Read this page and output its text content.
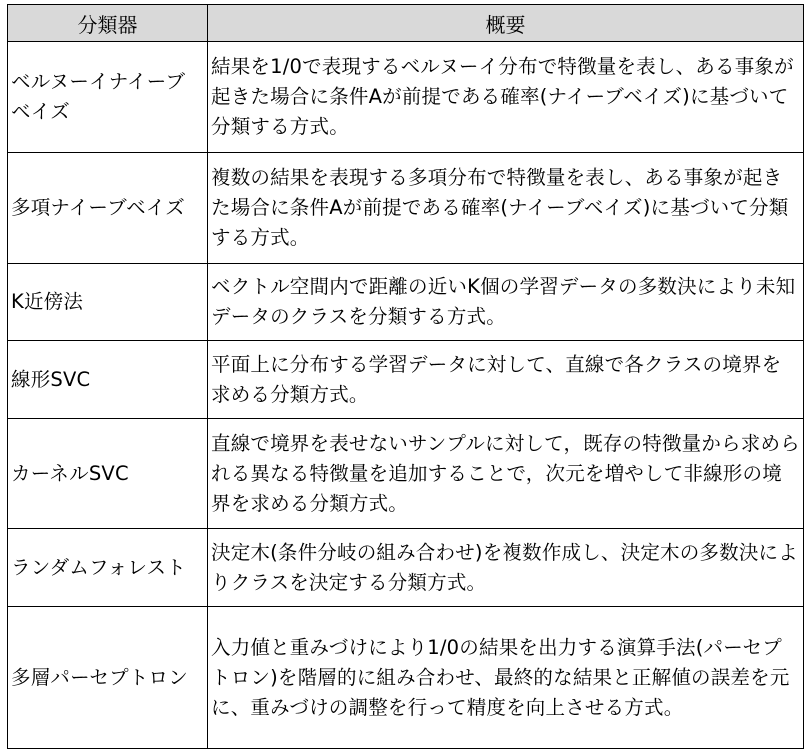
分類器	概要
ベルヌーイナイーブベイズ	結果を1/0で表現するベルヌーイ分布で特徴量を表し、ある事象が起きた場合に条件Aが前提である確率(ナイーブベイズ)に基づいて分類する方式。
多項ナイーブベイズ	複数の結果を表現する多項分布で特徴量を表し、ある事象が起きた場合に条件Aが前提である確率(ナイーブベイズ)に基づいて分類する方式。
K近傍法	ベクトル空間内で距離の近いK個の学習データの多数決により未知データのクラスを分類する方式。
線形SVC	平面上に分布する学習データに対して、直線で各クラスの境界を求める分類方式。
カーネルSVC	直線で境界を表せないサンプルに対して，既存の特徴量から求められる異なる特徴量を追加することで，次元を増やして非線形の境界を求める分類方式。
ランダムフォレスト	決定木(条件分岐の組み合わせ)を複数作成し、決定木の多数決によりクラスを決定する分類方式。
多層パーセプトロン	入力値と重みづけにより1/0の結果を出力する演算手法(パーセプトロン)を階層的に組み合わせ、最終的な結果と正解値の誤差を元に、重みづけの調整を行って精度を向上させる方式。
